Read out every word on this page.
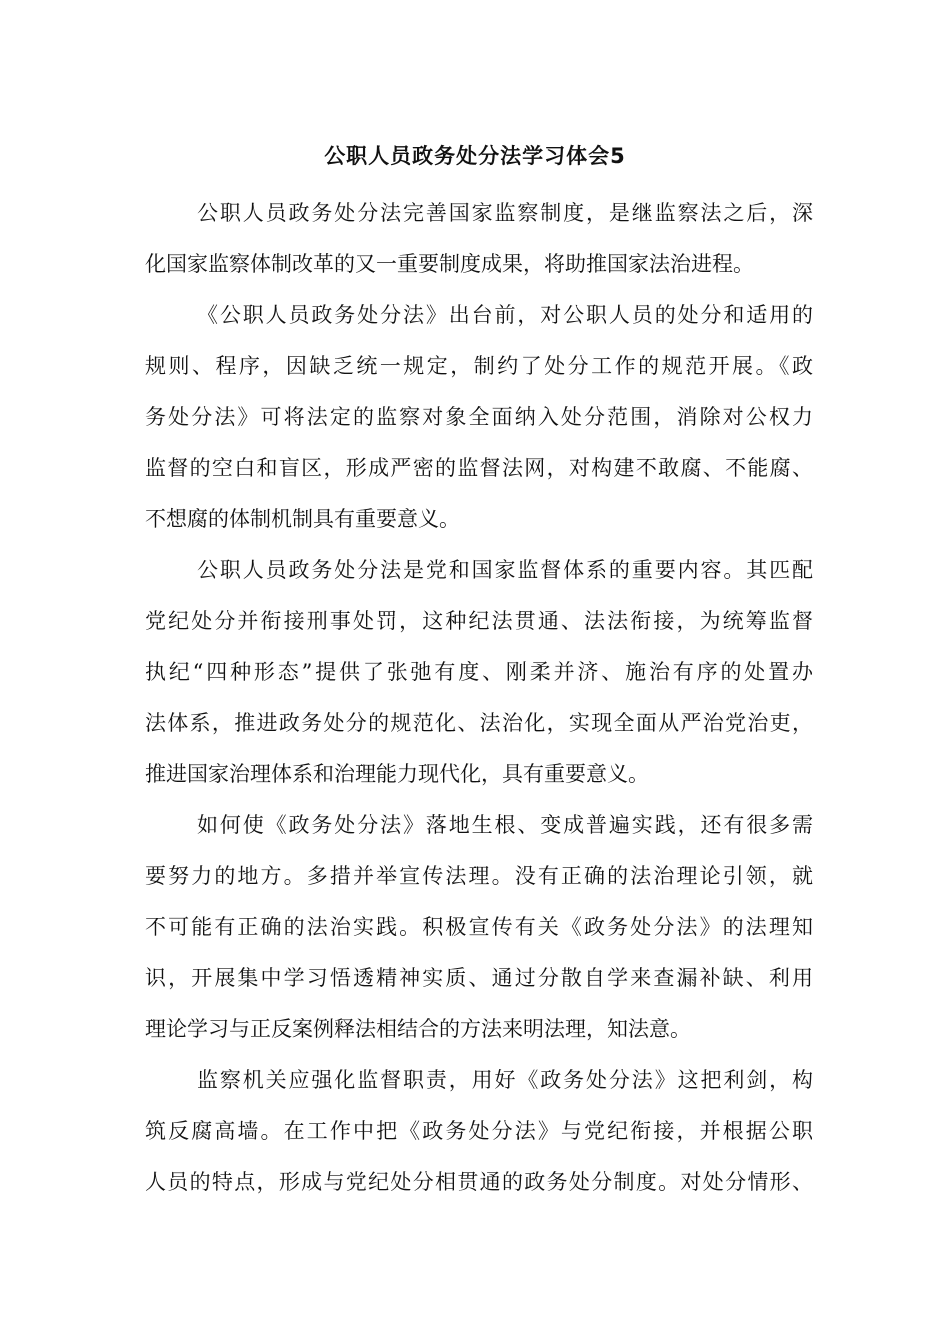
公职人员政务处分法学习体会5
公职人员政务处分法完善国家监察制度，是继监察法之后，深
化国家监察体制改革的又一重要制度成果，将助推国家法治进程。
《公职人员政务处分法》出台前，对公职人员的处分和适用的
规则、程序，因缺乏统一规定，制约了处分工作的规范开展。《政
务处分法》可将法定的监察对象全面纳入处分范围，消除对公权力
监督的空白和盲区，形成严密的监督法网，对构建不敢腐、不能腐、
不想腐的体制机制具有重要意义。
公职人员政务处分法是党和国家监督体系的重要内容。其匹配
党纪处分并衔接刑事处罚，这种纪法贯通、法法衔接，为统筹监督
执纪“四种形态”提供了张弛有度、刚柔并济、施治有序的处置办
法体系，推进政务处分的规范化、法治化，实现全面从严治党治吏，
推进国家治理体系和治理能力现代化，具有重要意义。
如何使《政务处分法》落地生根、变成普遍实践，还有很多需
要努力的地方。多措并举宣传法理。没有正确的法治理论引领，就
不可能有正确的法治实践。积极宣传有关《政务处分法》的法理知
识，开展集中学习悟透精神实质、通过分散自学来查漏补缺、利用
理论学习与正反案例释法相结合的方法来明法理，知法意。
监察机关应强化监督职责，用好《政务处分法》这把利剑，构
筑反腐高墙。在工作中把《政务处分法》与党纪衔接，并根据公职
人员的特点，形成与党纪处分相贯通的政务处分制度。对处分情形、
